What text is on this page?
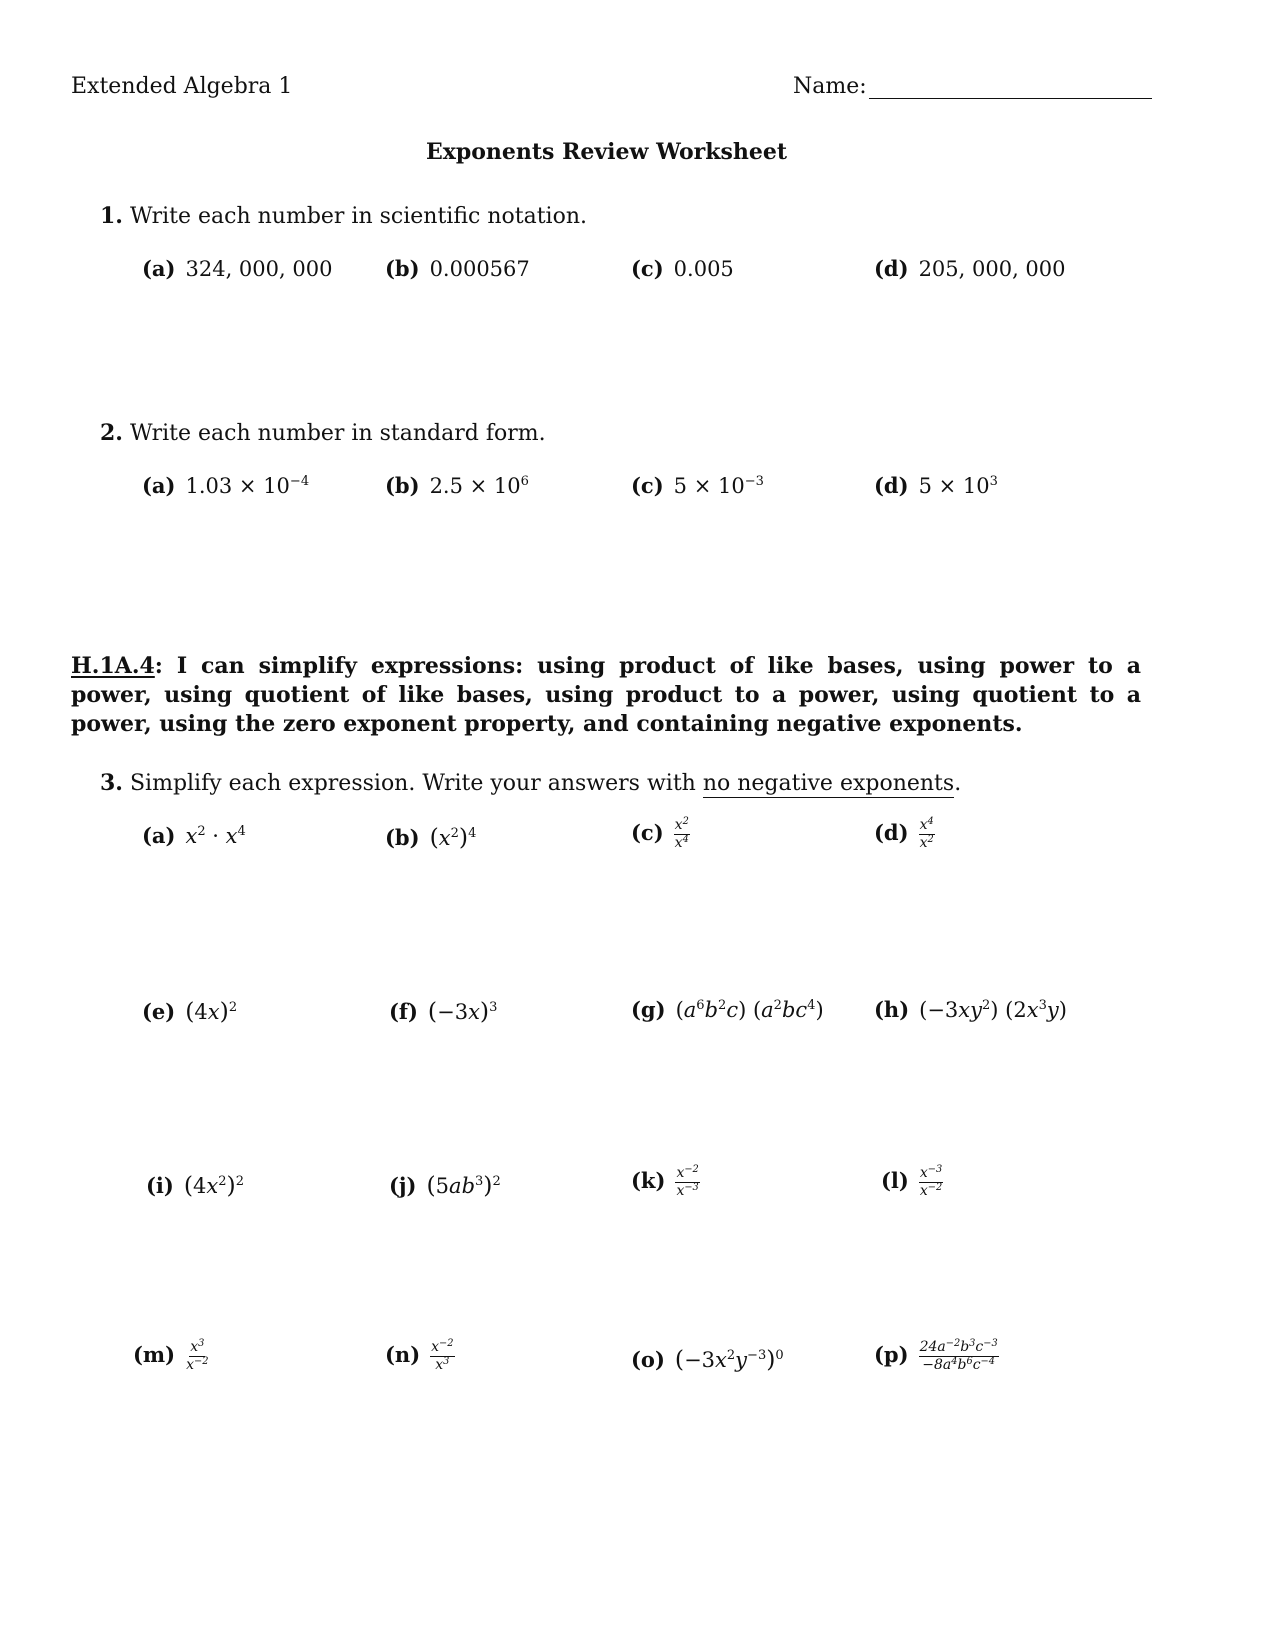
Extended Algebra 1	Name:
Exponents Review Worksheet
1. Write each number in scientific notation.
(a) 324, 000, 000	(b) 0.000567	(c) 0.005	(d) 205, 000, 000
2. Write each number in standard form.
(a) $1.03 \times 10^{-4}$	(b) $2.5 \times 10^6$	(c) $5 \times 10^{-3}$	(d) $5 \times 10^3$
H.1A.4: I can simplify expressions: using product of like bases, using power to a power, using quotient of like bases, using product to a power, using quotient to a power, using the zero exponent property, and containing negative exponents.
3. Simplify each expression. Write your answers with no negative exponents.
(a) $x^2 \cdot x^4$	(b) $(x^2)^4$	$(c) \frac{x^2}{x^4}$	$(d) \frac{x^4}{x^2}$
(e) $(4x)^2$	(f) $(-3x)^3$	(g) $(a^6b^2c)$ $(a^2bc^4)$ (h) $(-3xy^2)$ $(2x^3y)$
(i) $(4x^2)^2$	(j) $(5ab^3)^2$	$(k) \frac{x^{-2}}{x^{-3}}$	$(l) \frac{x^{-3}}{x^{-2}}$
$(m) \frac{x^3}{x^{-2}}$	$(n) \frac{x^{-2}}{x^3}$	(o) $(-3x^2y^{-3})^0$	$(p) \frac{24a^{-2}b^3c^{-3}}{-8a^4b^6c^{-4}}$
